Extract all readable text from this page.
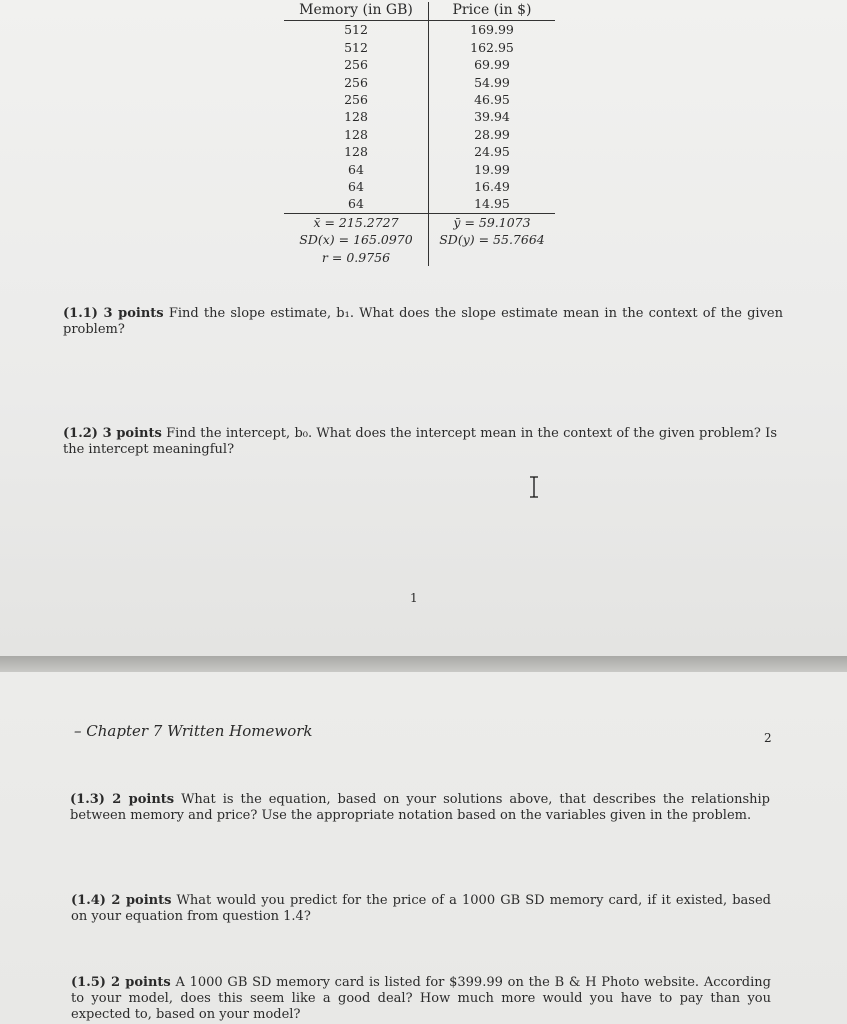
Memory (in GB)	Price (in $)
512	169.99
512	162.95
256	69.99
256	54.99
256	46.95
128	39.94
128	28.99
128	24.95
64	19.99
64	16.49
64	14.95
x̄ = 215.2727	ȳ = 59.1073
SD(x) = 165.0970	SD(y) = 55.7664
r = 0.9756	
(1.1) 3 points Find the slope estimate, b₁. What does the slope estimate mean in the context of the given problem?
(1.2) 3 points Find the intercept, b₀. What does the intercept mean in the context of the given problem? Is the intercept meaningful?
1
– Chapter 7 Written Homework	2
(1.3) 2 points What is the equation, based on your solutions above, that describes the relationship between memory and price? Use the appropriate notation based on the variables given in the problem.
(1.4) 2 points What would you predict for the price of a 1000 GB SD memory card, if it existed, based on your equation from question 1.4?
(1.5) 2 points A 1000 GB SD memory card is listed for $399.99 on the B & H Photo website. According to your model, does this seem like a good deal? How much more would you have to pay than you expected to, based on your model?
